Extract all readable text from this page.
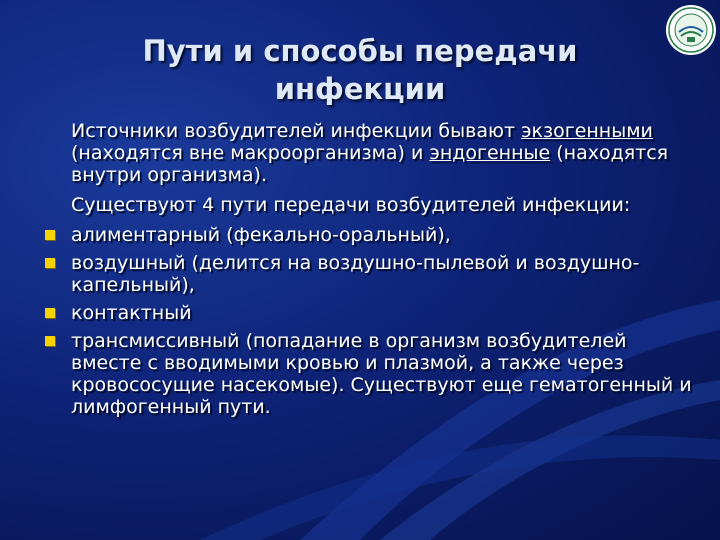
Пути и способы передачи инфекции

Источники возбудителей инфекции бывают экзогенными (находятся вне макроорганизма) и эндогенные (находятся внутри организма).

Существуют 4 пути передачи возбудителей инфекции:

алиментарный (фекально-оральный),
воздушный (делится на воздушно-пылевой и воздушно-капельный),
контактный
трансмиссивный (попадание в организм возбудителей вместе с вводимыми кровью и плазмой, а также через кровососущие насекомые). Существуют еще гематогенный и лимфогенный пути.
